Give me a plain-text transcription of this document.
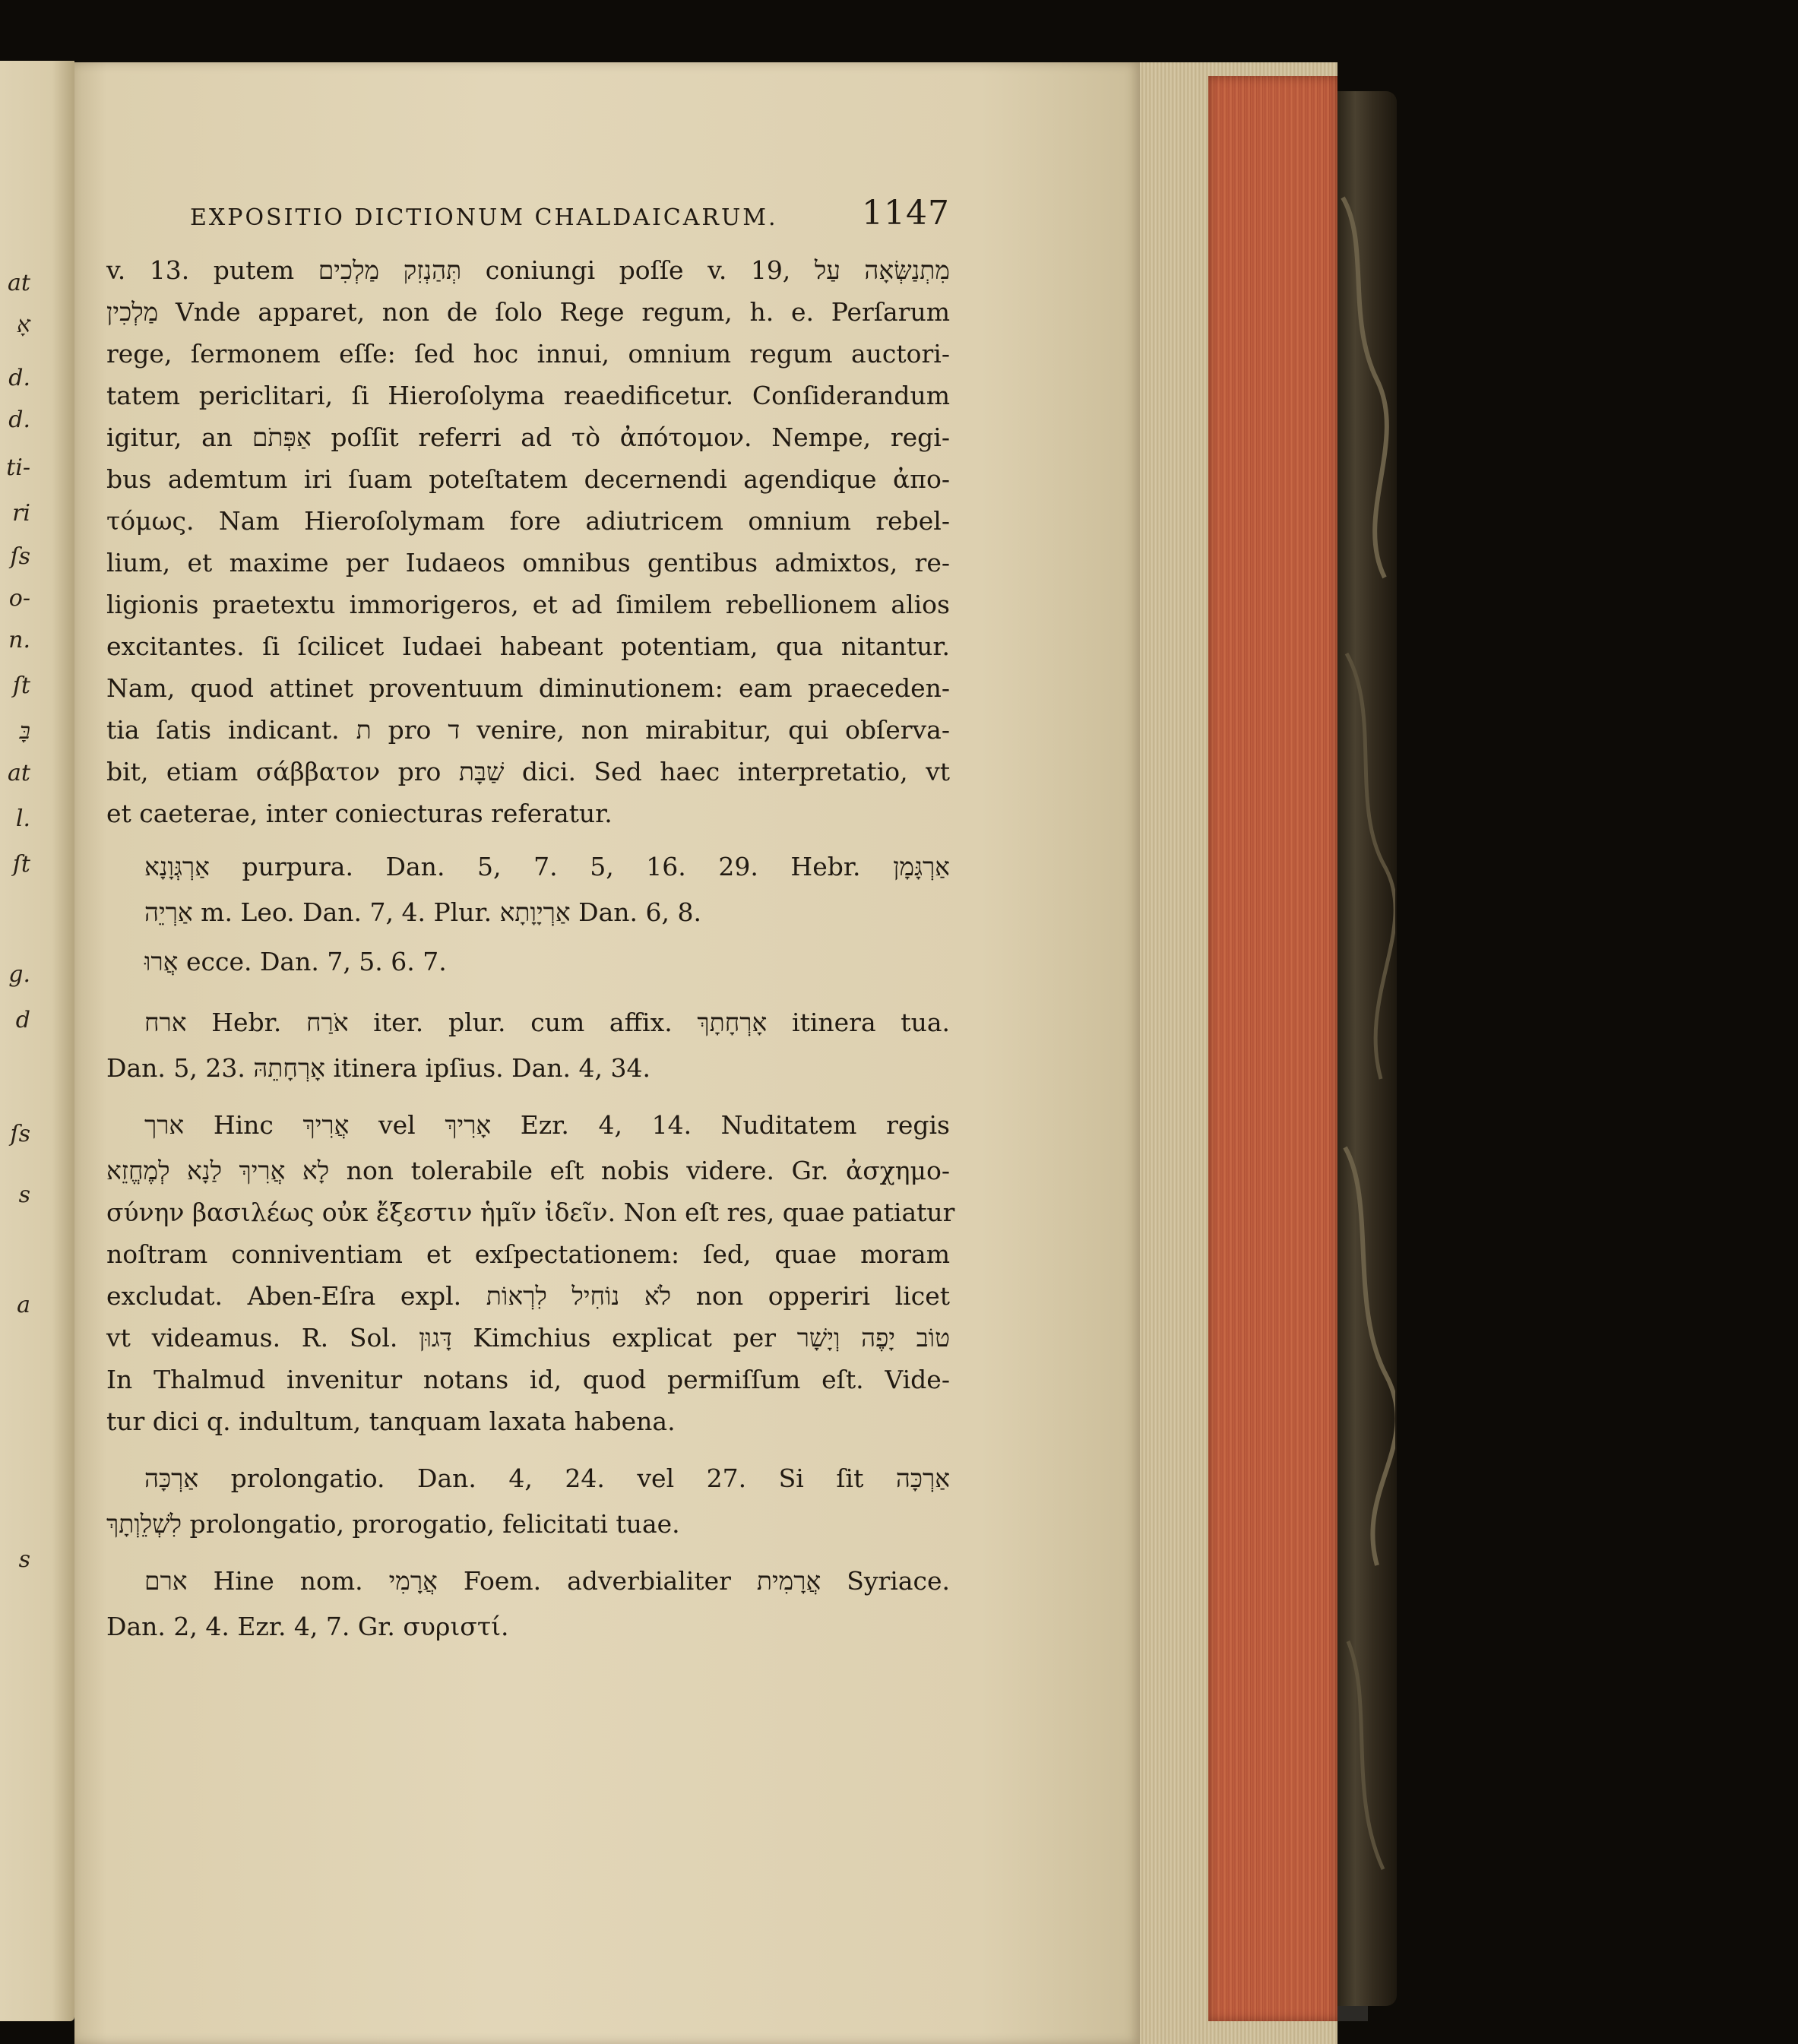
at
אָ
d.
d.
ti-
ri
ſs
o-
n.
ſt
בָּ
at
l.
ſt
g.
d
ſs
s
a
s
EXPOSITIO DICTIONUM CHALDAICARUM.	1147
v. 13. putem תְּהַנְזִק מַלְכִים coniungi poſſe v. 19, מִתְנַשְּׂאָה עַל
מַלְכִין Vnde apparet, non de ſolo Rege regum, h. e. Perſarum
rege, ſermonem eſſe: ſed hoc innui, omnium regum auctori-
tatem periclitari, ſi Hieroſolyma reaedificetur. Conſiderandum
igitur, an אַפְּתֹם poſſit referri ad τὸ ἀπότομον. Nempe, regi-
bus ademtum iri ſuam poteſtatem decernendi agendique ἀπο-
τόμως. Nam Hieroſolymam fore adiutricem omnium rebel-
lium, et maxime per Iudaeos omnibus gentibus admixtos, re-
ligionis praetextu immorigeros, et ad ſimilem rebellionem alios
excitantes. ſi ſcilicet Iudaei habeant potentiam, qua nitantur.
Nam, quod attinet proventuum diminutionem: eam praeceden-
tia ſatis indicant. ת pro ד venire, non mirabitur, qui obſerva-
bit, etiam σάββατον pro שַׁבָּת dici. Sed haec interpretatio, vt
et caeterae, inter coniecturas referatur.
אַרְגְּוָנָא purpura. Dan. 5, 7. 5, 16. 29. Hebr. אַרְגָּמָן
אַרְיֵה m. Leo. Dan. 7, 4. Plur. אַרְיָוָתָא Dan. 6, 8.
אֲרוּ ecce. Dan. 7, 5. 6. 7.
ארח Hebr. אֹרַח iter. plur. cum affix. אָרְחָתָךְ itinera tua.
Dan. 5, 23. אָרְחָתֵהּ itinera ipſius. Dan. 4, 34.
ארך Hinc אֲרִיךְ vel אָרִיךְ Ezr. 4, 14. Nuditatem regis
לָא אֲרִיךְ לַנָא לְמֶחֱזֵא non tolerabile eſt nobis videre. Gr. ἀσχημο-
σύνην βασιλέως οὐκ ἔξεστιν ἡμῖν ἰδεῖν. Non eſt res, quae patiatur
noſtram conniventiam et exſpectationem: ſed, quae moram
excludat. Aben-Eſra expl. לֹא נוֹחִיל לִרְאוֹת non opperiri licet
vt videamus. R. Sol. דָּגוּן Kimchius explicat per טוֹב יָפֶה וְיָשָׁר
In Thalmud invenitur notans id, quod permiſſum eſt. Vide-
tur dici q. indultum, tanquam laxata habena.
אַרְכָּה prolongatio. Dan. 4, 24. vel 27. Si ſit אַרְכָּה
לִשְׁלֵוְתָךְ prolongatio, prorogatio, felicitati tuae.
ארם Hine nom. אֲרָמִי Foem. adverbialiter אֲרָמִית Syriace.
Dan. 2, 4. Ezr. 4, 7. Gr. συριστί.
